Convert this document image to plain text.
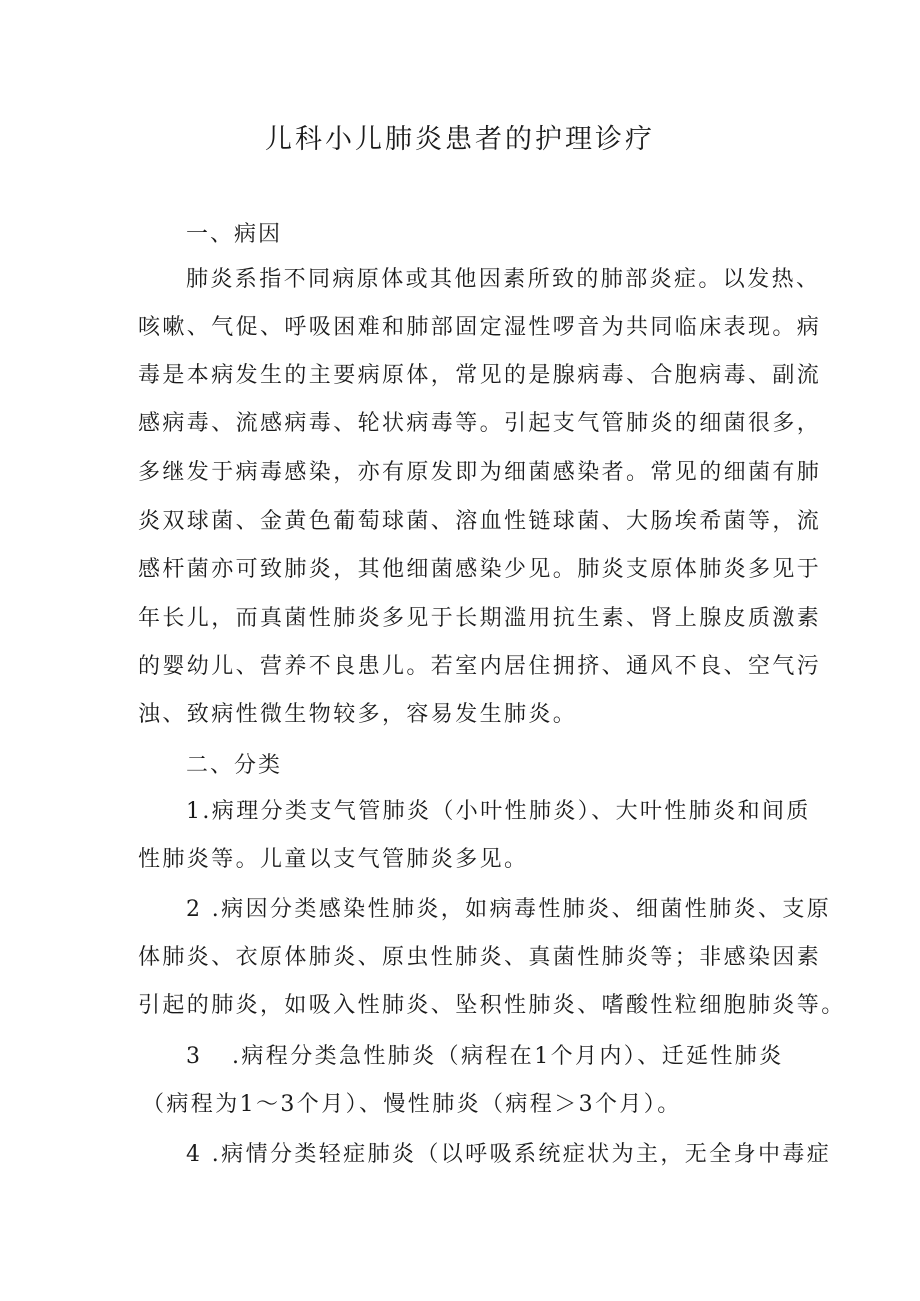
儿科小儿肺炎患者的护理诊疗
一、病因
肺炎系指不同病原体或其他因素所致的肺部炎症。以发热、
咳嗽、气促、呼吸困难和肺部固定湿性啰音为共同临床表现。病
毒是本病发生的主要病原体，常见的是腺病毒、合胞病毒、副流
感病毒、流感病毒、轮状病毒等。引起支气管肺炎的细菌很多，
多继发于病毒感染，亦有原发即为细菌感染者。常见的细菌有肺
炎双球菌、金黄色葡萄球菌、溶血性链球菌、大肠埃希菌等，流
感杆菌亦可致肺炎，其他细菌感染少见。肺炎支原体肺炎多见于
年长儿，而真菌性肺炎多见于长期滥用抗生素、肾上腺皮质激素
的婴幼儿、营养不良患儿。若室内居住拥挤、通风不良、空气污
浊、致病性微生物较多，容易发生肺炎。
二、分类
1.病理分类支气管肺炎（小叶性肺炎）、大叶性肺炎和间质
性肺炎等。儿童以支气管肺炎多见。
2 .病因分类感染性肺炎，如病毒性肺炎、细菌性肺炎、支原
体肺炎、衣原体肺炎、原虫性肺炎、真菌性肺炎等；非感染因素
引起的肺炎，如吸入性肺炎、坠积性肺炎、嗜酸性粒细胞肺炎等。
3 .病程分类急性肺炎（病程在1个月内）、迁延性肺炎
（病程为1～3个月）、慢性肺炎（病程＞3个月）。
4 .病情分类轻症肺炎（以呼吸系统症状为主，无全身中毒症
